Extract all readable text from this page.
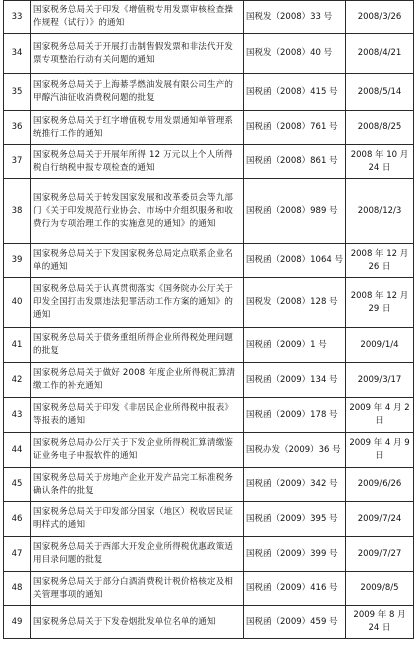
33	国家税务总局关于印发《增值税专用发票审核检查操作规程（试行）》的通知	国税发（2008）33 号	2008/3/26
34	国家税务总局关于开展打击制售假发票和非法代开发票专项整治行动有关问题的通知	国税发（2008）40 号	2008/4/21
35	国家税务总局关于上海綦孚燃油发展有限公司生产的甲醇汽油征收消费税问题的批复	国税函（2008）415 号	2008/5/14
36	国家税务总局关于红字增值税专用发票通知单管理系统推行工作的通知	国税函（2008）761 号	2008/8/25
37	国家税务总局关于开展年所得 12 万元以上个人所得税自行纳税申报专项检查的通知	国税函（2008）861 号	2008 年 10 月 24 日
38	国家税务总局关于转发国家发展和改革委员会等九部门《关于印发规范行业协会、市场中介组织服务和收费行为专项治理工作的实施意见的通知》的通知	国税函（2008）989 号	2008/12/3
39	国家税务总局关于下发国家税务总局定点联系企业名单的通知	国税函（2008）1064 号	2008 年 12 月 26 日
40	国家税务总局关于认真贯彻落实《国务院办公厅关于印发全国打击发票违法犯罪活动工作方案的通知》的通知	国税发（2008）128 号	2008 年 12 月 29 日
41	国家税务总局关于债务重组所得企业所得税处理问题的批复	国税函（2009）1 号	2009/1/4
42	国家税务总局关于做好 2008 年度企业所得税汇算清缴工作的补充通知	国税函（2009）134 号	2009/3/17
43	国家税务总局关于印发《非居民企业所得税申报表》等报表的通知	国税函（2009）178 号	2009 年 4 月 2 日
44	国家税务总局办公厅关于下发企业所得税汇算清缴鉴证业务电子申报软件的通知	国税办发（2009）36 号	2009 年 4 月 9 日
45	国家税务总局关于房地产企业开发产品完工标准税务确认条件的批复	国税函（2009）342 号	2009/6/26
46	国家税务总局关于印发部分国家（地区）税收居民证明样式的通知	国税函（2009）395 号	2009/7/24
47	国家税务总局关于西部大开发企业所得税优惠政策适用目录问题的批复	国税函（2009）399 号	2009/7/27
48	国家税务总局关于部分白酒消费税计税价格核定及相关管理事项的通知	国税函（2009）416 号	2009/8/5
49	国家税务总局关于下发卷烟批发单位名单的通知	国税函（2009）459 号	2009 年 8 月 24 日
